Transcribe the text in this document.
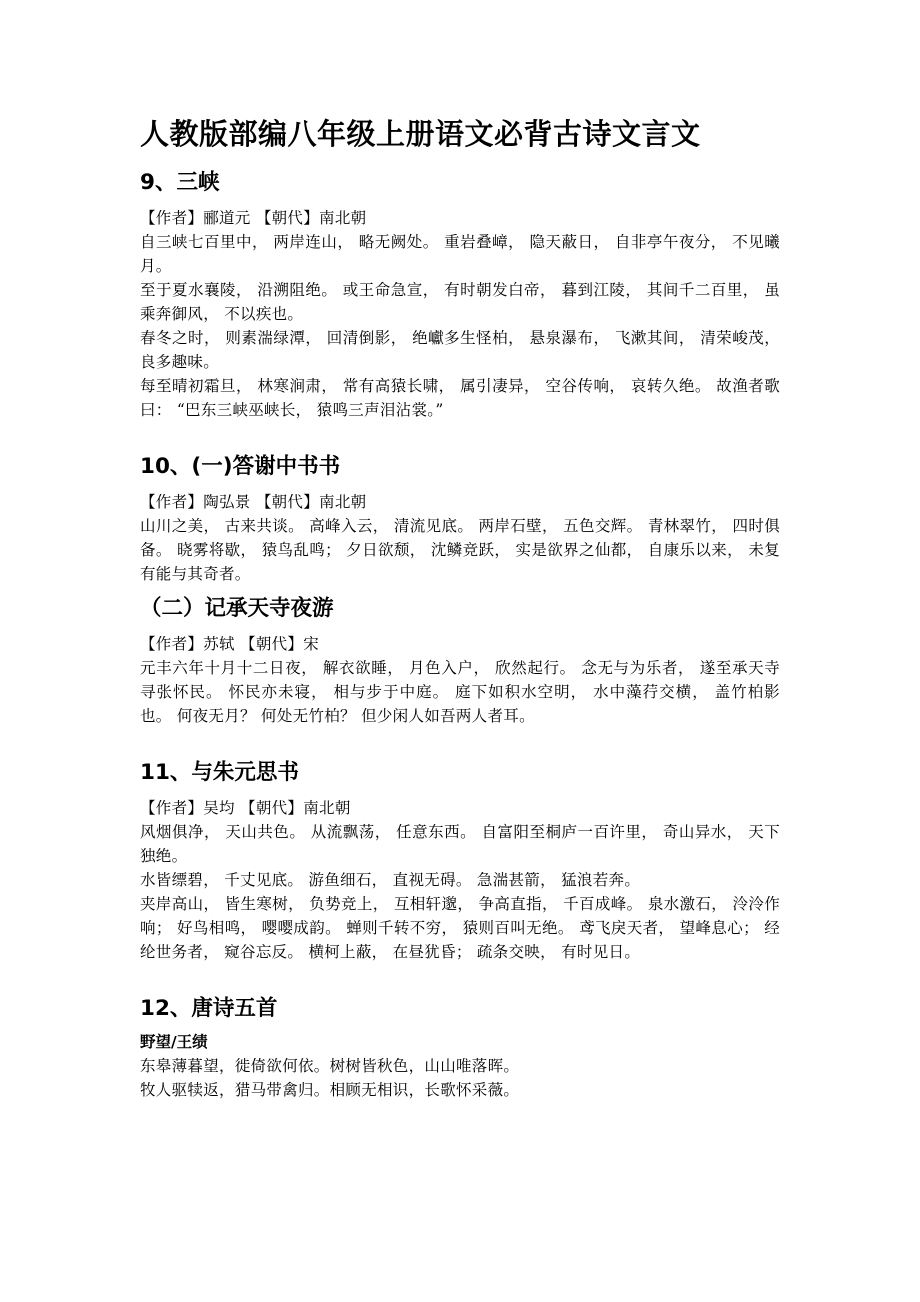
人教版部编八年级上册语文必背古诗文言文
9、三峡

【作者】郦道元 【朝代】南北朝

自三峡七百里中， 两岸连山， 略无阙处。 重岩叠嶂， 隐天蔽日， 自非亭午夜分， 不见曦月。

至于夏水襄陵， 沿溯阻绝。 或王命急宣， 有时朝发白帝， 暮到江陵， 其间千二百里， 虽乘奔御风， 不以疾也。

春冬之时， 则素湍绿潭， 回清倒影， 绝巘多生怪柏， 悬泉瀑布， 飞漱其间， 清荣峻茂， 良多趣味。

每至晴初霜旦， 林寒涧肃， 常有高猿长啸， 属引凄异， 空谷传响， 哀转久绝。 故渔者歌曰： “巴东三峡巫峡长， 猿鸣三声泪沾裳。”

10、(一)答谢中书书

【作者】陶弘景 【朝代】南北朝

山川之美， 古来共谈。 高峰入云， 清流见底。 两岸石壁， 五色交辉。 青林翠竹， 四时俱备。 晓雾将歇， 猿鸟乱鸣； 夕日欲颓， 沈鳞竞跃， 实是欲界之仙都， 自康乐以来， 未复有能与其奇者。

（二）记承天寺夜游

【作者】苏轼 【朝代】宋

元丰六年十月十二日夜， 解衣欲睡， 月色入户， 欣然起行。 念无与为乐者， 遂至承天寺寻张怀民。 怀民亦未寝， 相与步于中庭。 庭下如积水空明， 水中藻荇交横， 盖竹柏影也。 何夜无月？ 何处无竹柏？ 但少闲人如吾两人者耳。

11、与朱元思书

【作者】吴均 【朝代】南北朝

风烟俱净， 天山共色。 从流飘荡， 任意东西。 自富阳至桐庐一百许里， 奇山异水， 天下独绝。

水皆缥碧， 千丈见底。 游鱼细石， 直视无碍。 急湍甚箭， 猛浪若奔。

夹岸高山， 皆生寒树， 负势竞上， 互相轩邈， 争高直指， 千百成峰。 泉水激石， 泠泠作响； 好鸟相鸣， 嘤嘤成韵。 蝉则千转不穷， 猿则百叫无绝。 鸢飞戾天者， 望峰息心； 经纶世务者， 窥谷忘反。 横柯上蔽， 在昼犹昏； 疏条交映， 有时见日。

12、唐诗五首
野望/王绩

东皋薄暮望，徙倚欲何依。树树皆秋色，山山唯落晖。

牧人驱犊返，猎马带禽归。相顾无相识，长歌怀采薇。
